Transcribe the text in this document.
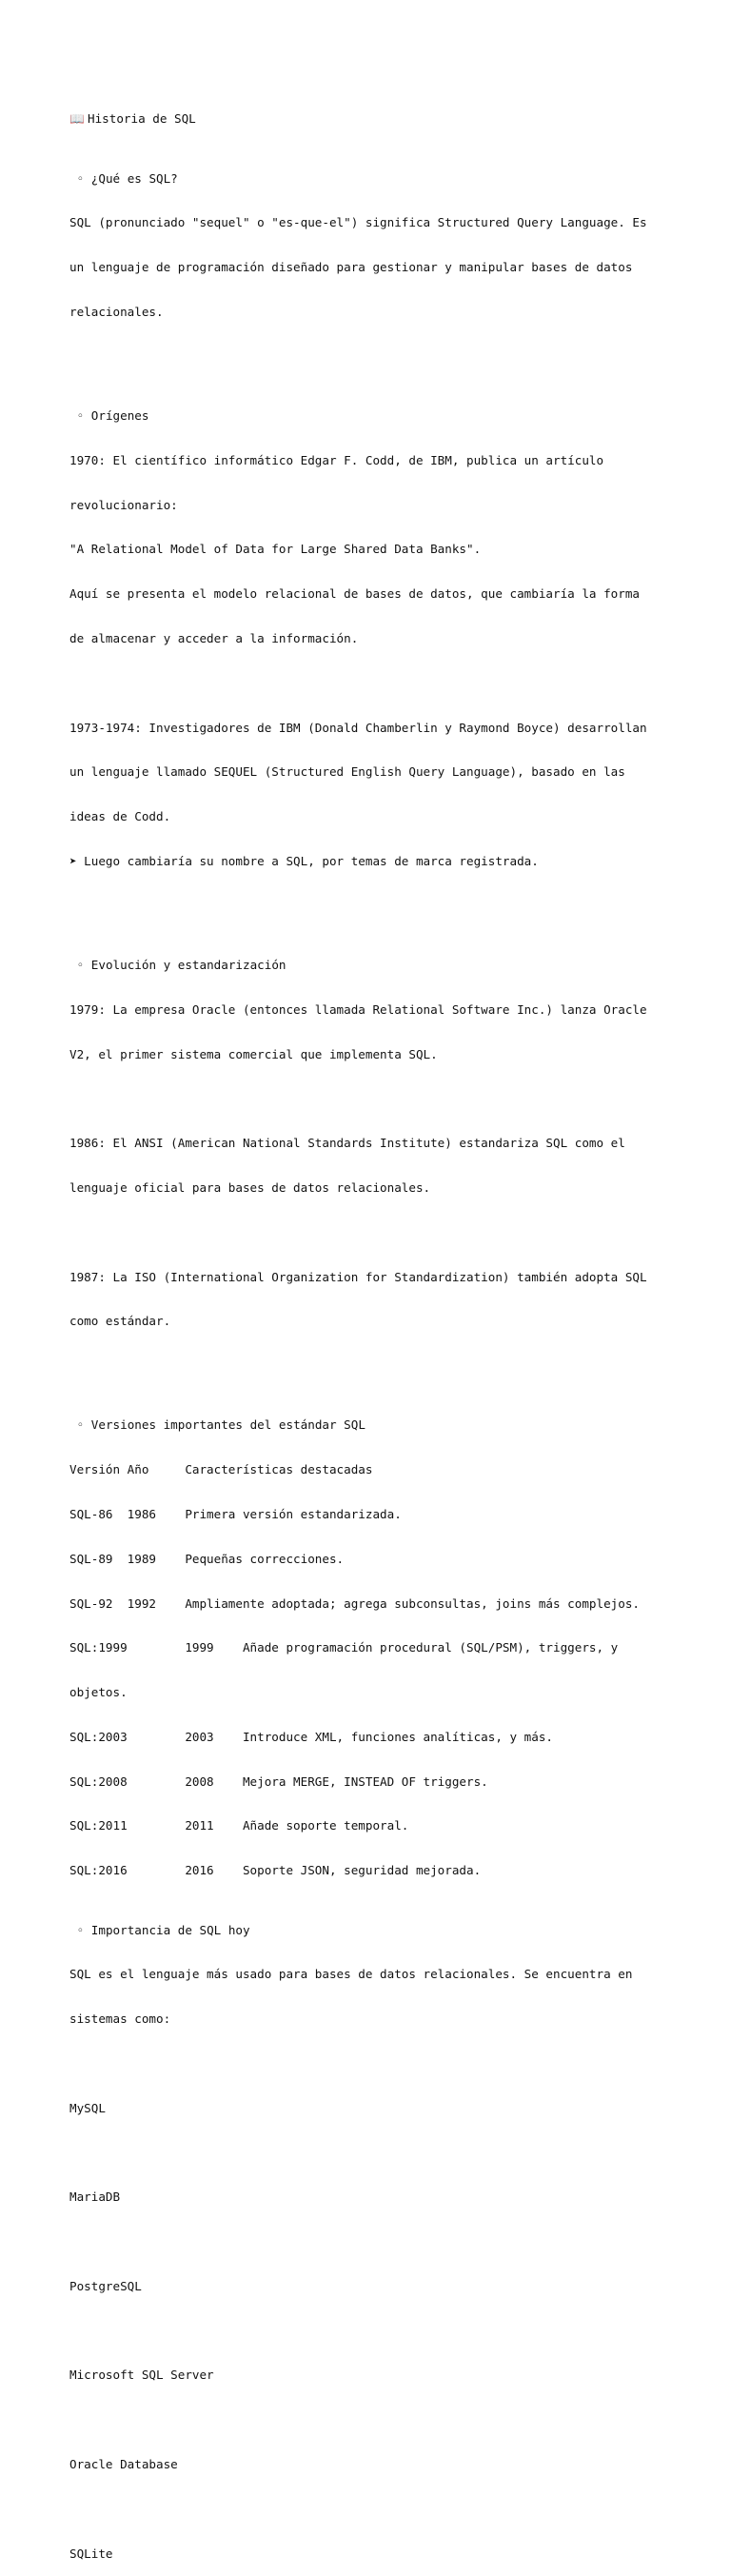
📖 Historia de SQL

◦ ¿Qué es SQL?

SQL (pronunciado "sequel" o "es-que-el") significa Structured Query Language. Es

un lenguaje de programación diseñado para gestionar y manipular bases de datos

relacionales.

◦ Orígenes

1970: El científico informático Edgar F. Codd, de IBM, publica un artículo

revolucionario:

"A Relational Model of Data for Large Shared Data Banks".

Aquí se presenta el modelo relacional de bases de datos, que cambiaría la forma

de almacenar y acceder a la información.

1973-1974: Investigadores de IBM (Donald Chamberlin y Raymond Boyce) desarrollan

un lenguaje llamado SEQUEL (Structured English Query Language), basado en las

ideas de Codd.

➤ Luego cambiaría su nombre a SQL, por temas de marca registrada.

◦ Evolución y estandarización

1979: La empresa Oracle (entonces llamada Relational Software Inc.) lanza Oracle

V2, el primer sistema comercial que implementa SQL.

1986: El ANSI (American National Standards Institute) estandariza SQL como el

lenguaje oficial para bases de datos relacionales.

1987: La ISO (International Organization for Standardization) también adopta SQL

como estándar.

◦ Versiones importantes del estándar SQL

Versión Año     Características destacadas

SQL-86  1986    Primera versión estandarizada.

SQL-89  1989    Pequeñas correcciones.

SQL-92  1992    Ampliamente adoptada; agrega subconsultas, joins más complejos.

SQL:1999        1999    Añade programación procedural (SQL/PSM), triggers, y

objetos.

SQL:2003        2003    Introduce XML, funciones analíticas, y más.

SQL:2008        2008    Mejora MERGE, INSTEAD OF triggers.

SQL:2011        2011    Añade soporte temporal.

SQL:2016        2016    Soporte JSON, seguridad mejorada.

◦ Importancia de SQL hoy

SQL es el lenguaje más usado para bases de datos relacionales. Se encuentra en

sistemas como:

MySQL

MariaDB

PostgreSQL

Microsoft SQL Server

Oracle Database

SQLite
